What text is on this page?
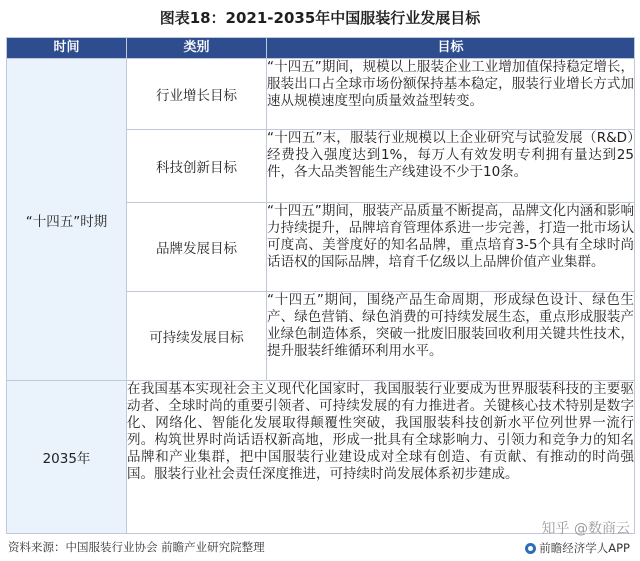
图表18：2021-2035年中国服装行业发展目标
时间	类别	目标
“十四五”时期	行业增长目标	“十四五”期间，规模以上服装企业工业增加值保持稳定增长，服装出口占全球市场份额保持基本稳定，服装行业增长方式加速从规模速度型向质量效益型转变。
	科技创新目标	“十四五”末，服装行业规模以上企业研究与试验发展（R&D）经费投入强度达到1%，每万人有效发明专利拥有量达到25件，各大品类智能生产线建设不少于10条。
	品牌发展目标	“十四五”期间，服装产品质量不断提高，品牌文化内涵和影响力持续提升，品牌培育管理体系进一步完善，打造一批市场认可度高、美誉度好的知名品牌，重点培育3-5个具有全球时尚话语权的国际品牌，培育千亿级以上品牌价值产业集群。
	可持续发展目标	“十四五”期间，围绕产品生命周期，形成绿色设计、绿色生产、绿色营销、绿色消费的可持续发展生态，重点形成服装产业绿色制造体系，突破一批废旧服装回收利用关键共性技术，提升服装纤维循环利用水平。
2035年	在我国基本实现社会主义现代化国家时，我国服装行业要成为世界服装科技的主要驱动者、全球时尚的重要引领者、可持续发展的有力推进者。关键核心技术特别是数字化、网络化、智能化发展取得颠覆性突破，我国服装科技创新水平位列世界一流行列。构筑世界时尚话语权新高地，形成一批具有全球影响力、引领力和竞争力的知名品牌和产业集群，把中国服装行业建设成对全球有创造、有贡献、有推动的时尚强国。服装行业社会责任深度推进，可持续时尚发展体系初步建成。	
资料来源：中国服装行业协会 前瞻产业研究院整理
知乎 @数商云
前瞻经济学人APP
